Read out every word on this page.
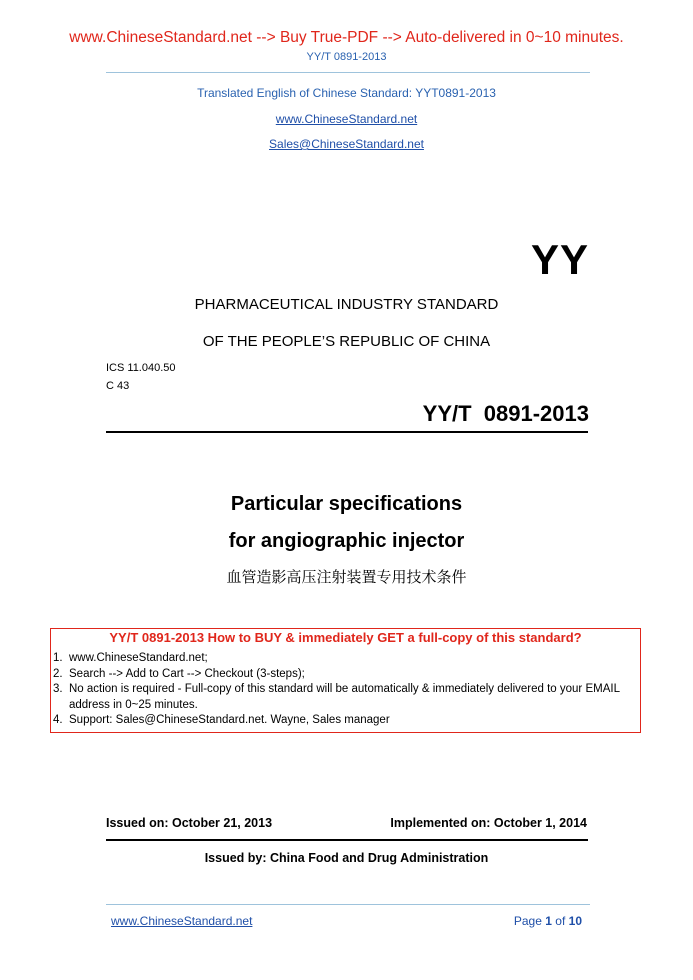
www.ChineseStandard.net --> Buy True-PDF --> Auto-delivered in 0~10 minutes.
YY/T 0891-2013
Translated English of Chinese Standard: YYT0891-2013
www.ChineseStandard.net
Sales@ChineseStandard.net
YY
PHARMACEUTICAL INDUSTRY STANDARD
OF THE PEOPLE’S REPUBLIC OF CHINA
ICS 11.040.50
C 43
YY/T  0891-2013
Particular specifications
for angiographic injector
血管造影高压注射装置专用技术条件
YY/T 0891-2013 How to BUY & immediately GET a full-copy of this standard?
1. www.ChineseStandard.net;
2. Search --> Add to Cart --> Checkout (3-steps);
3. No action is required - Full-copy of this standard will be automatically & immediately delivered to your EMAIL address in 0~25 minutes.
4. Support: Sales@ChineseStandard.net. Wayne, Sales manager
Issued on: October 21, 2013	Implemented on: October 1, 2014
Issued by: China Food and Drug Administration
www.ChineseStandard.net	Page 1 of 10
